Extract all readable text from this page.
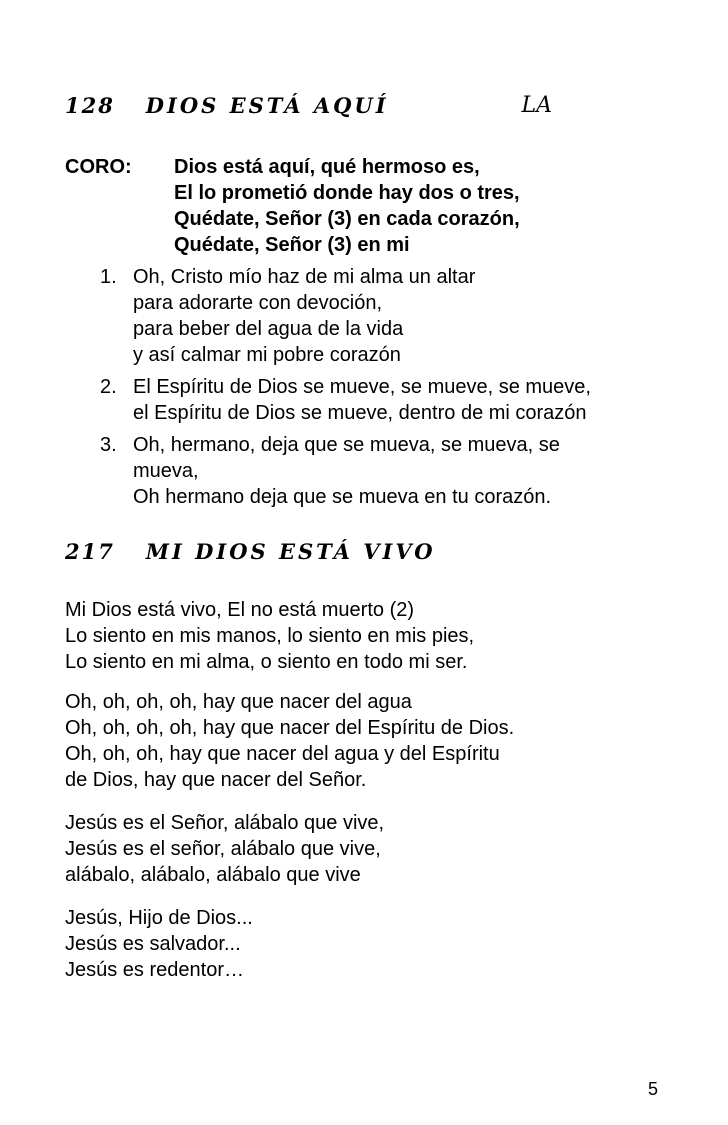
128 DIOS ESTÁ AQUÍ	LA
CORO: Dios está aquí, qué hermoso es,
El lo prometió donde hay dos o tres,
Quédate, Señor (3) en cada corazón,
Quédate, Señor (3) en mi
1. Oh, Cristo mío haz de mi alma un altar
para adorarte con devoción,
para beber del agua de la vida
y así calmar mi pobre corazón
2. El Espíritu de Dios se mueve, se mueve, se mueve,
el Espíritu de Dios se mueve, dentro de mi corazón
3. Oh, hermano, deja que se mueva, se mueva, se
mueva,
Oh hermano deja que se mueva en tu corazón.
217 MI DIOS ESTÁ VIVO
Mi Dios está vivo, El no está muerto (2)
Lo siento en mis manos, lo siento en mis pies,
Lo siento en mi alma, o siento en todo mi ser.
Oh, oh, oh, oh, hay que nacer del agua
Oh, oh, oh, oh, hay que nacer del Espíritu de Dios.
Oh, oh, oh, hay que nacer del agua y del Espíritu
de Dios, hay que nacer del Señor.
Jesús es el Señor, alábalo que vive,
Jesús es el señor, alábalo que vive,
alábalo, alábalo, alábalo que vive
Jesús, Hijo de Dios...
Jesús es salvador...
Jesús es redentor…
5
